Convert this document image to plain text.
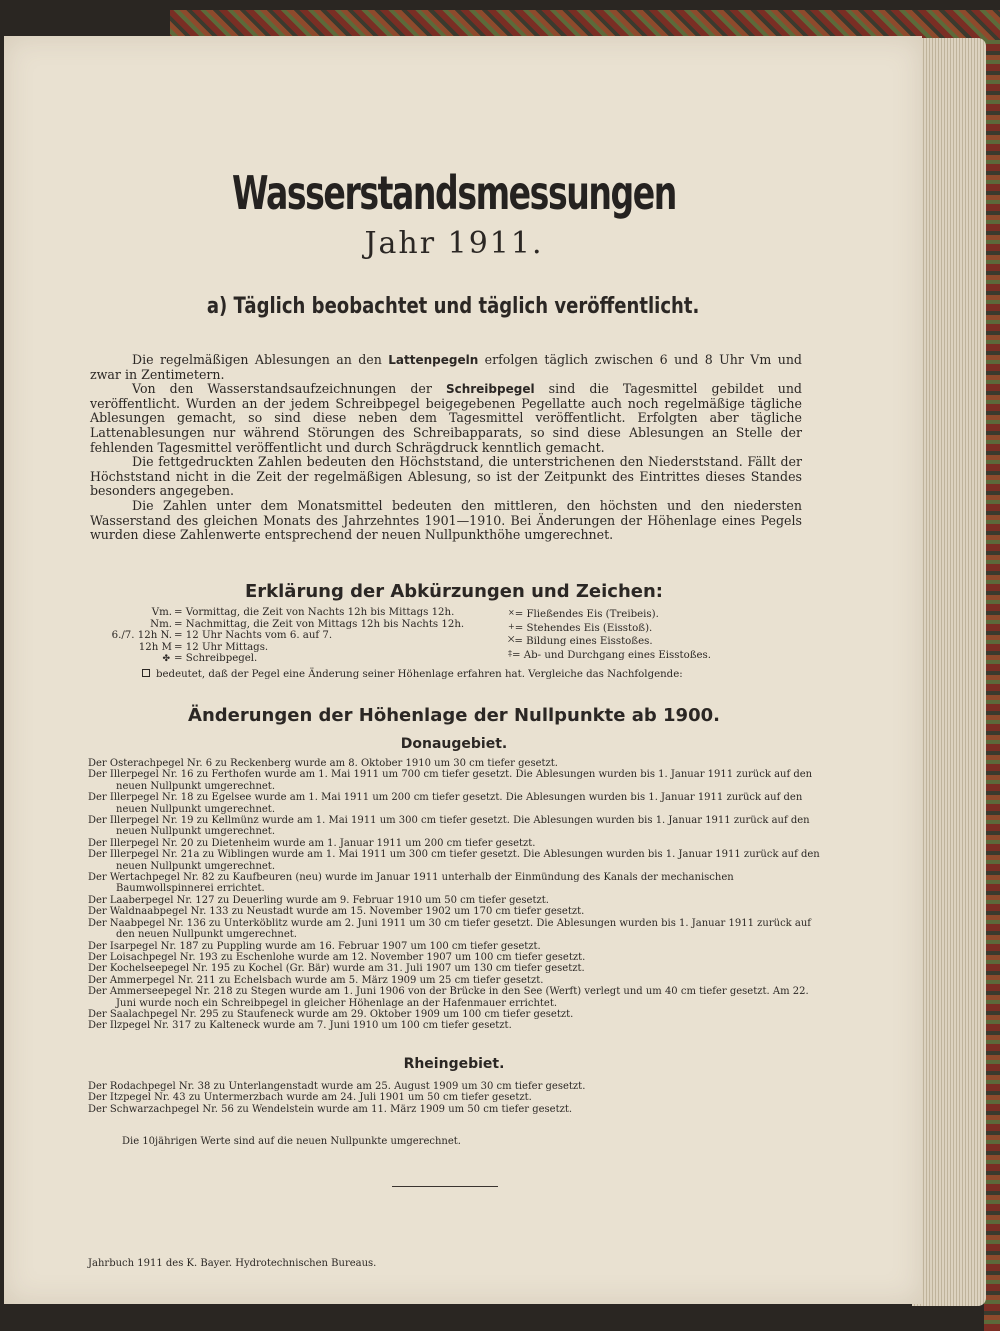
Wasserstandsmessungen
Jahr 1911.
a) Täglich beobachtet und täglich veröffentlicht.

Die regelmäßigen Ablesungen an den Lattenpegeln erfolgen täglich zwischen 6 und 8 Uhr Vm und zwar in Zentimetern.

Von den Wasserstandsaufzeichnungen der Schreibpegel sind die Tagesmittel gebildet und veröffentlicht. Wurden an der jedem Schreibpegel beigegebenen Pegellatte auch noch regelmäßige tägliche Ablesungen gemacht, so sind diese neben dem Tagesmittel veröffentlicht. Erfolgten aber tägliche Lattenablesungen nur während Störungen des Schreibapparats, so sind diese Ablesungen an Stelle der fehlenden Tagesmittel veröffentlicht und durch Schrägdruck kenntlich gemacht.

Die fettgedruckten Zahlen bedeuten den Höchststand, die unterstrichenen den Niederststand. Fällt der Höchststand nicht in die Zeit der regelmäßigen Ablesung, so ist der Zeitpunkt des Eintrittes dieses Standes besonders angegeben.

Die Zahlen unter dem Monatsmittel bedeuten den mittleren, den höchsten und den niedersten Wasserstand des gleichen Monats des Jahrzehntes 1901—1910. Bei Änderungen der Höhenlage eines Pegels wurden diese Zahlenwerte entsprechend der neuen Nullpunkthöhe umgerechnet.

Erklärung der Abkürzungen und Zeichen:
Vm. = Vormittag, die Zeit von Nachts 12h bis Mittags 12h.
Nm. = Nachmittag, die Zeit von Mittags 12h bis Nachts 12h.
6./7. 12h N. = 12 Uhr Nachts vom 6. auf 7.
12h M = 12 Uhr Mittags.
✤ = Schreibpegel.
×= Fließendes Eis (Treibeis).
+= Stehendes Eis (Eisstoß).
⨉= Bildung eines Eisstoßes.
‡= Ab- und Durchgang eines Eisstoßes.
bedeutet, daß der Pegel eine Änderung seiner Höhenlage erfahren hat. Vergleiche das Nachfolgende:
Änderungen der Höhenlage der Nullpunkte ab 1900.
Donaugebiet.
Der Osterachpegel Nr. 6 zu Reckenberg wurde am 8. Oktober 1910 um 30 cm tiefer gesetzt.
Der Illerpegel Nr. 16 zu Ferthofen wurde am 1. Mai 1911 um 700 cm tiefer gesetzt. Die Ablesungen wurden bis 1. Januar 1911 zurück auf den neuen Nullpunkt umgerechnet.
Der Illerpegel Nr. 18 zu Egelsee wurde am 1. Mai 1911 um 200 cm tiefer gesetzt. Die Ablesungen wurden bis 1. Januar 1911 zurück auf den neuen Nullpunkt umgerechnet.
Der Illerpegel Nr. 19 zu Kellmünz wurde am 1. Mai 1911 um 300 cm tiefer gesetzt. Die Ablesungen wurden bis 1. Januar 1911 zurück auf den neuen Nullpunkt umgerechnet.
Der Illerpegel Nr. 20 zu Dietenheim wurde am 1. Januar 1911 um 200 cm tiefer gesetzt.
Der Illerpegel Nr. 21a zu Wiblingen wurde am 1. Mai 1911 um 300 cm tiefer gesetzt. Die Ablesungen wurden bis 1. Januar 1911 zurück auf den neuen Nullpunkt umgerechnet.
Der Wertachpegel Nr. 82 zu Kaufbeuren (neu) wurde im Januar 1911 unterhalb der Einmündung des Kanals der mechanischen Baumwollspinnerei errichtet.
Der Laaberpegel Nr. 127 zu Deuerling wurde am 9. Februar 1910 um 50 cm tiefer gesetzt.
Der Waldnaabpegel Nr. 133 zu Neustadt wurde am 15. November 1902 um 170 cm tiefer gesetzt.
Der Naabpegel Nr. 136 zu Unterköblitz wurde am 2. Juni 1911 um 30 cm tiefer gesetzt. Die Ablesungen wurden bis 1. Januar 1911 zurück auf den neuen Nullpunkt umgerechnet.
Der Isarpegel Nr. 187 zu Puppling wurde am 16. Februar 1907 um 100 cm tiefer gesetzt.
Der Loisachpegel Nr. 193 zu Eschenlohe wurde am 12. November 1907 um 100 cm tiefer gesetzt.
Der Kochelseepegel Nr. 195 zu Kochel (Gr. Bär) wurde am 31. Juli 1907 um 130 cm tiefer gesetzt.
Der Ammerpegel Nr. 211 zu Echelsbach wurde am 5. März 1909 um 25 cm tiefer gesetzt.
Der Ammerseepegel Nr. 218 zu Stegen wurde am 1. Juni 1906 von der Brücke in den See (Werft) verlegt und um 40 cm tiefer gesetzt. Am 22. Juni wurde noch ein Schreibpegel in gleicher Höhenlage an der Hafenmauer errichtet.
Der Saalachpegel Nr. 295 zu Staufeneck wurde am 29. Oktober 1909 um 100 cm tiefer gesetzt.
Der Ilzpegel Nr. 317 zu Kalteneck wurde am 7. Juni 1910 um 100 cm tiefer gesetzt.
Rheingebiet.
Der Rodachpegel Nr. 38 zu Unterlangenstadt wurde am 25. August 1909 um 30 cm tiefer gesetzt.
Der Itzpegel Nr. 43 zu Untermerzbach wurde am 24. Juli 1901 um 50 cm tiefer gesetzt.
Der Schwarzachpegel Nr. 56 zu Wendelstein wurde am 11. März 1909 um 50 cm tiefer gesetzt.

Die 10jährigen Werte sind auf die neuen Nullpunkte umgerechnet.

Jahrbuch 1911 des K. Bayer. Hydrotechnischen Bureaus.
